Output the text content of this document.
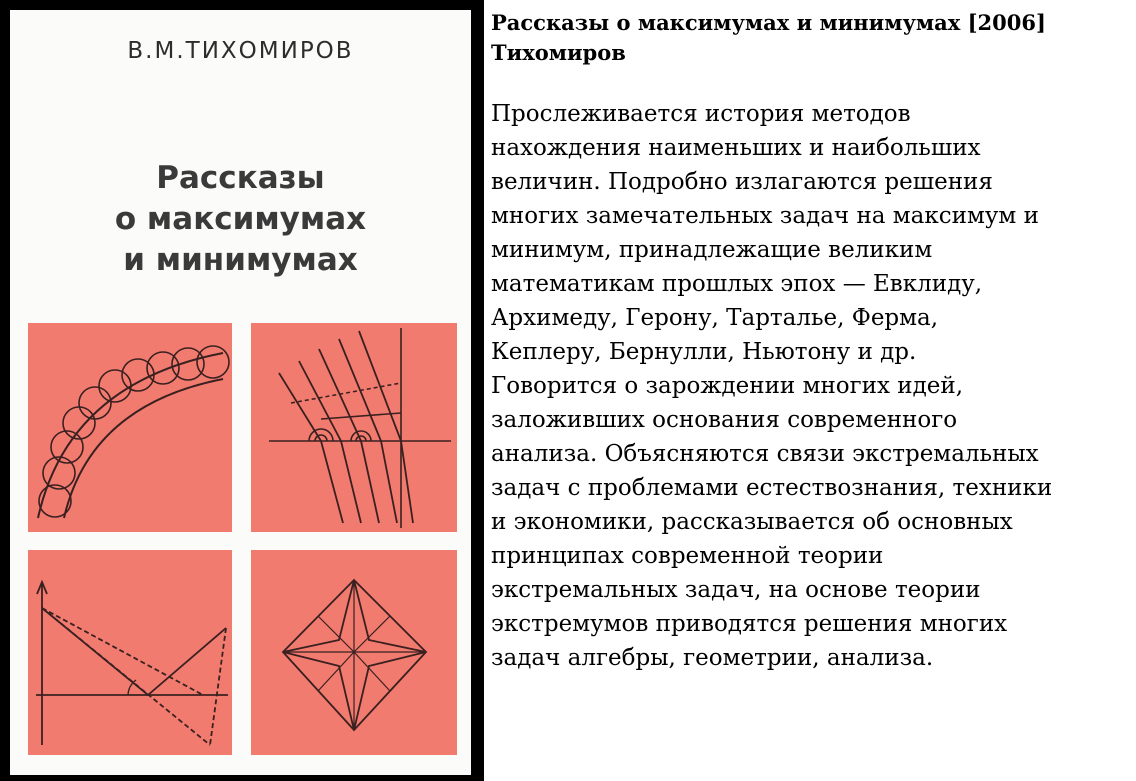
В.М.ТИХОМИРОВ
Рассказы
о максимумах
и минимумах
Рассказы о максимумах и минимумах [2006]
Тихомиров
Прослеживается история методов
нахождения наименьших и наибольших
величин. Подробно излагаются решения
многих замечательных задач на максимум и
минимум, принадлежащие великим
математикам прошлых эпох — Евклиду,
Архимеду, Герону, Тарталье, Ферма,
Кеплеру, Бернулли, Ньютону и др.
Говорится о зарождении многих идей,
заложивших основания современного
анализа. Объясняются связи экстремальных
задач с проблемами естествознания, техники
и экономики, рассказывается об основных
принципах современной теории
экстремальных задач, на основе теории
экстремумов приводятся решения многих
задач алгебры, геометрии, анализа.
